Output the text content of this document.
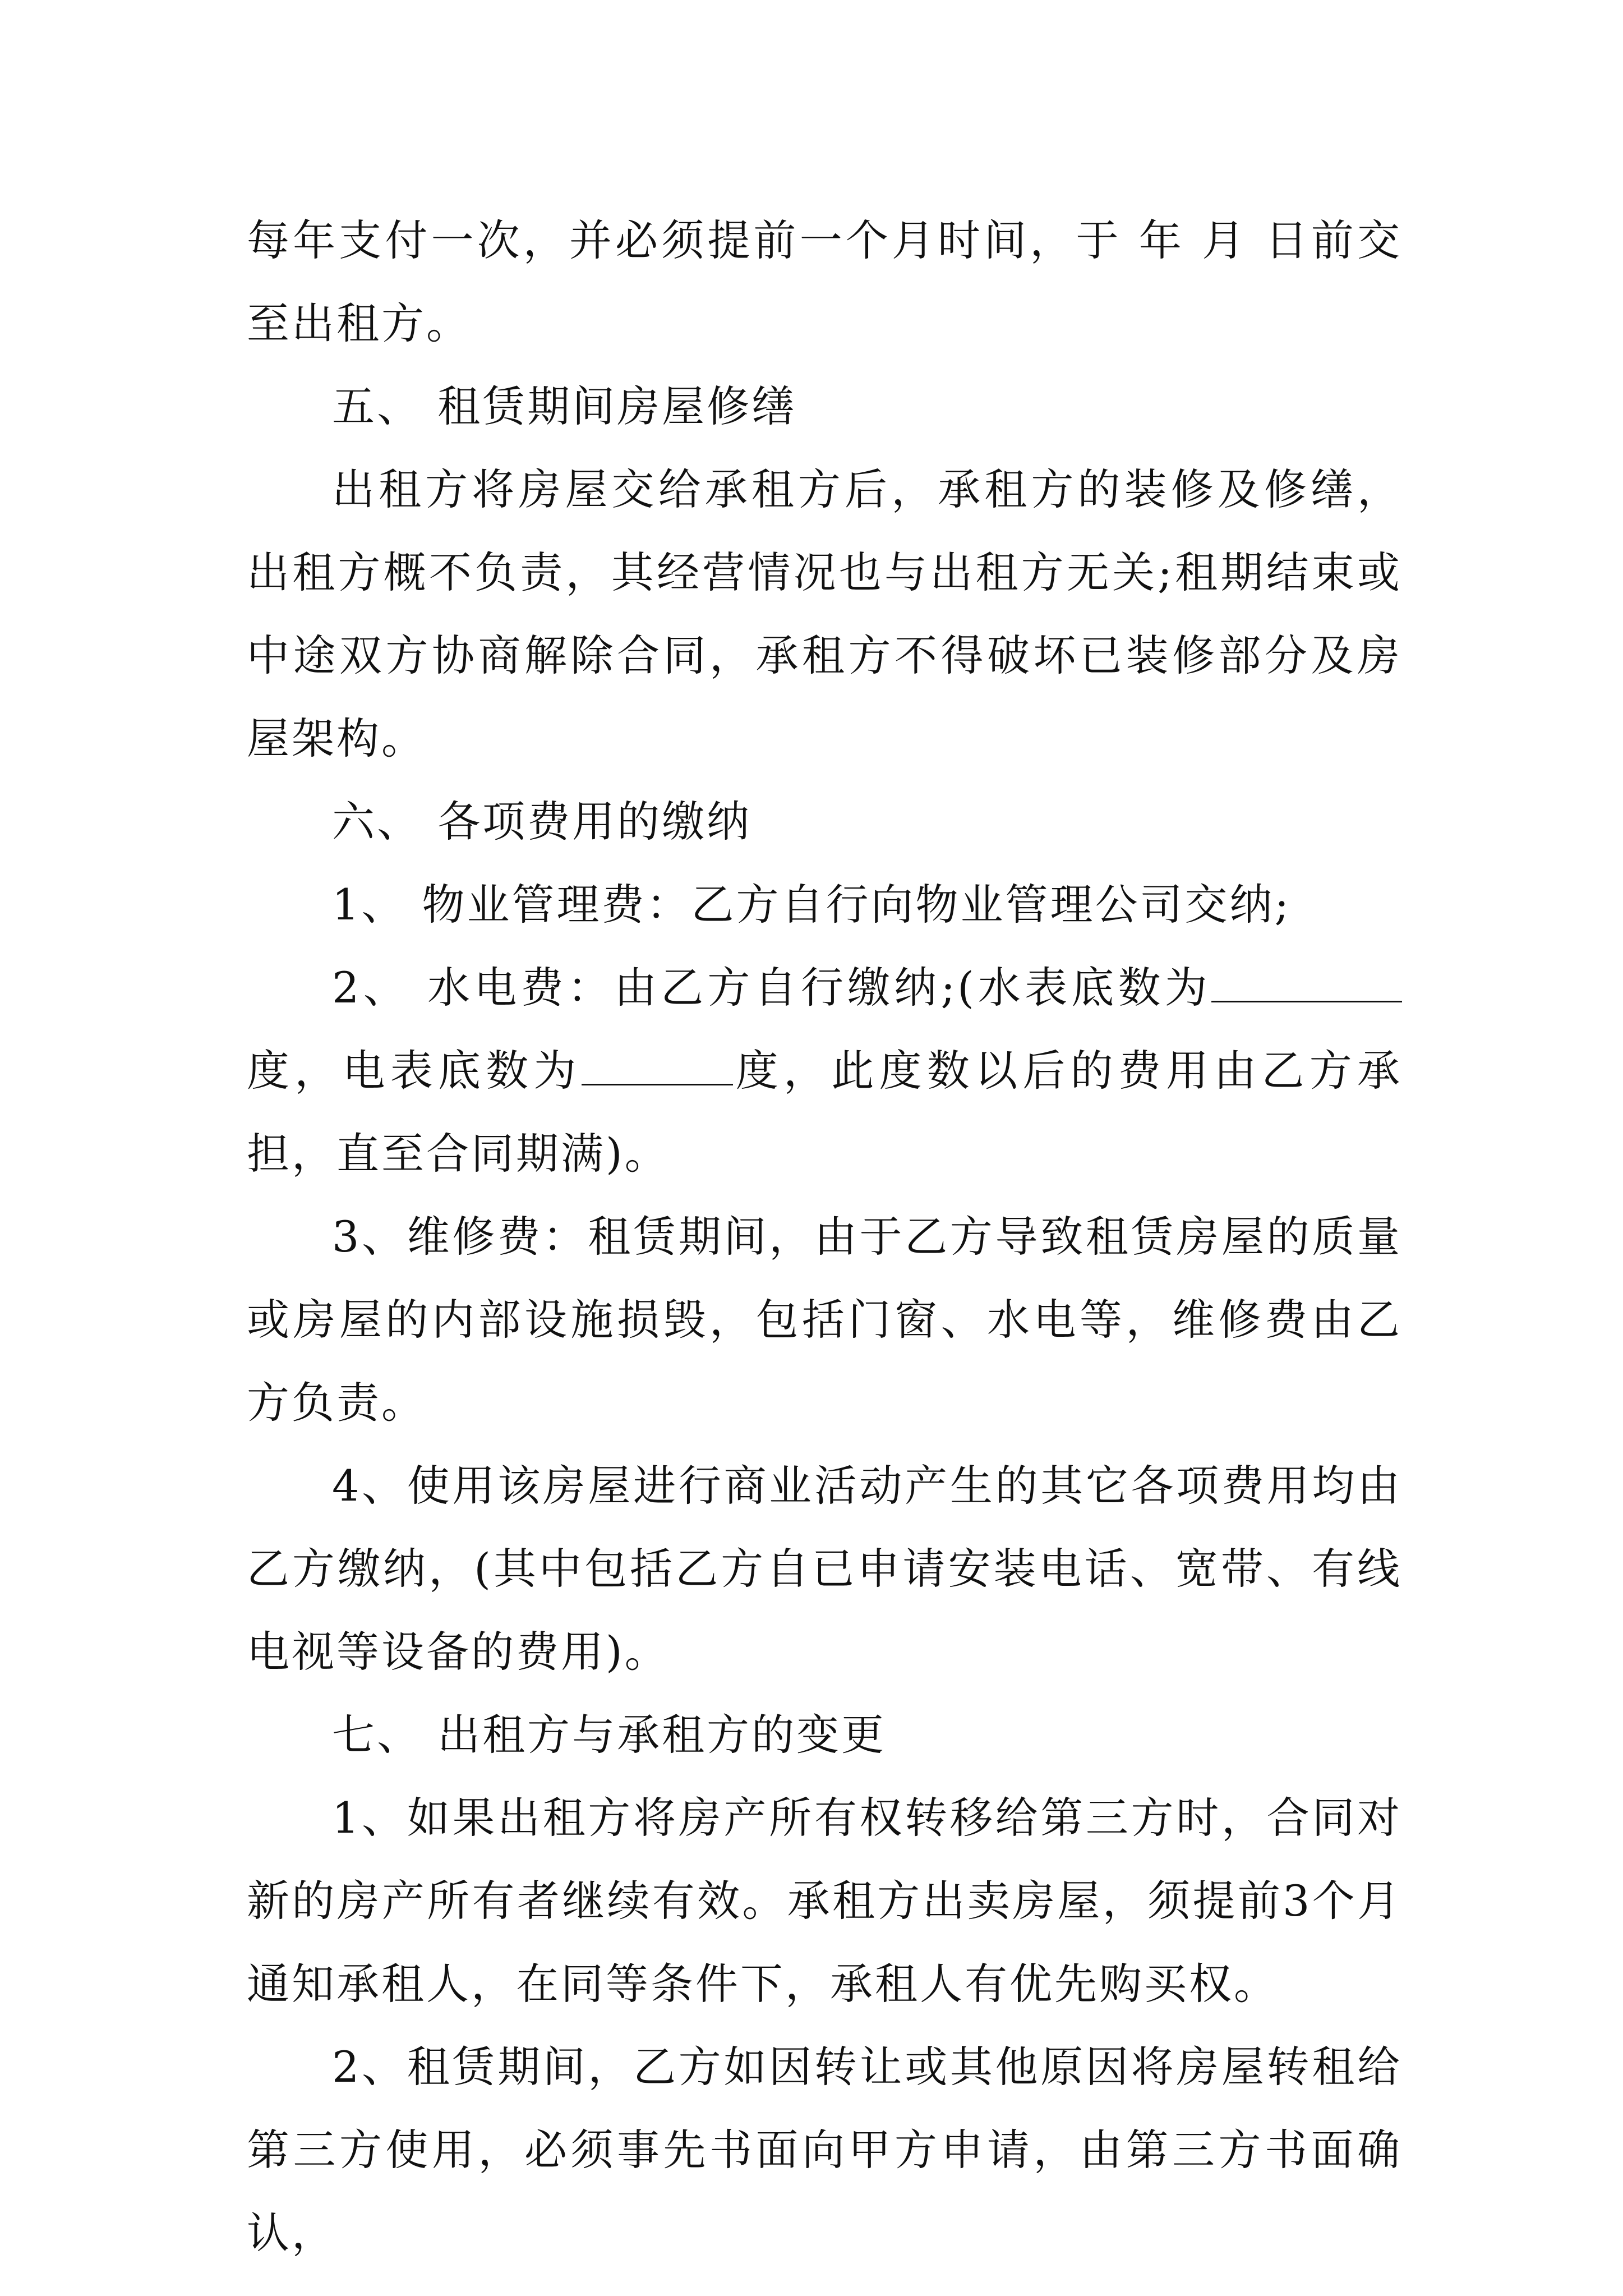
每年支付一次，并必须提前一个月时间，于 年 月 日前交至出租方。

五、 租赁期间房屋修缮

出租方将房屋交给承租方后，承租方的装修及修缮，出租方概不负责，其经营情况也与出租方无关;租期结束或中途双方协商解除合同，承租方不得破坏已装修部分及房屋架构。

六、 各项费用的缴纳

1、 物业管理费：乙方自行向物业管理公司交纳;

2、 水电费：由乙方自行缴纳;(水表底数为度，电表底数为	度，此度数以后的费用由乙方承担，直至合同期满)。

3、维修费：租赁期间，由于乙方导致租赁房屋的质量或房屋的内部设施损毁，包括门窗、水电等，维修费由乙方负责。

4、使用该房屋进行商业活动产生的其它各项费用均由乙方缴纳，(其中包括乙方自已申请安装电话、宽带、有线电视等设备的费用)。

七、 出租方与承租方的变更

1、如果出租方将房产所有权转移给第三方时，合同对新的房产所有者继续有效。承租方出卖房屋，须提前3个月通知承租人，在同等条件下，承租人有优先购买权。

2、租赁期间，乙方如因转让或其他原因将房屋转租给第三方使用，必须事先书面向甲方申请，由第三方书面确认，
